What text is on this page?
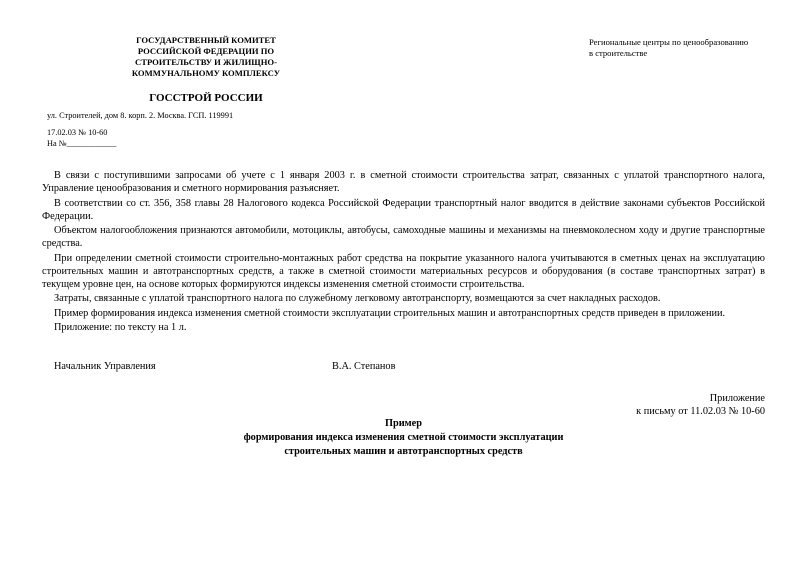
ГОСУДАРСТВЕННЫЙ КОМИТЕТ
РОССИЙСКОЙ ФЕДЕРАЦИИ ПО
СТРОИТЕЛЬСТВУ И ЖИЛИЩНО-
КОММУНАЛЬНОМУ КОМПЛЕКСУ
ГОССТРОЙ РОССИИ
ул. Строителей, дом 8. корп. 2. Москва. ГСП. 119991
17.02.03 № 10-60
На №____________
Региональные центры по ценообразованию
в строительстве

В связи с поступившими запросами об учете с 1 января 2003 г. в сметной стоимости строительства затрат, связанных с уплатой транспортного налога, Управление ценообразования и сметного нормирования разъясняет.

В соответствии со ст. 356, 358 главы 28 Налогового кодекса Российской Федерации транспортный налог вводится в действие законами субъектов Российской Федерации.

Объектом налогообложения признаются автомобили, мотоциклы, автобусы, самоходные машины и механизмы на пневмоколесном ходу и другие транспортные средства.

При определении сметной стоимости строительно-монтажных работ средства на покрытие указанного налога учитываются в сметных ценах на эксплуатацию строительных машин и автотранспортных средств, а также в сметной стоимости материальных ресурсов и оборудования (в составе транспортных затрат) в текущем уровне цен, на основе которых формируются индексы изменения сметной стоимости строительства.

Затраты, связанные с уплатой транспортного налога по служебному легковому автотранспорту, возмещаются за счет накладных расходов.

Пример формирования индекса изменения сметной стоимости эксплуатации строительных машин и автотранспортных средств приведен в приложении.

Приложение: по тексту на 1 л.

Начальник Управления	В.А. Степанов
Приложение
к письму от 11.02.03 № 10-60
Пример
формирования индекса изменения сметной стоимости эксплуатации
строительных машин и автотранспортных средств
